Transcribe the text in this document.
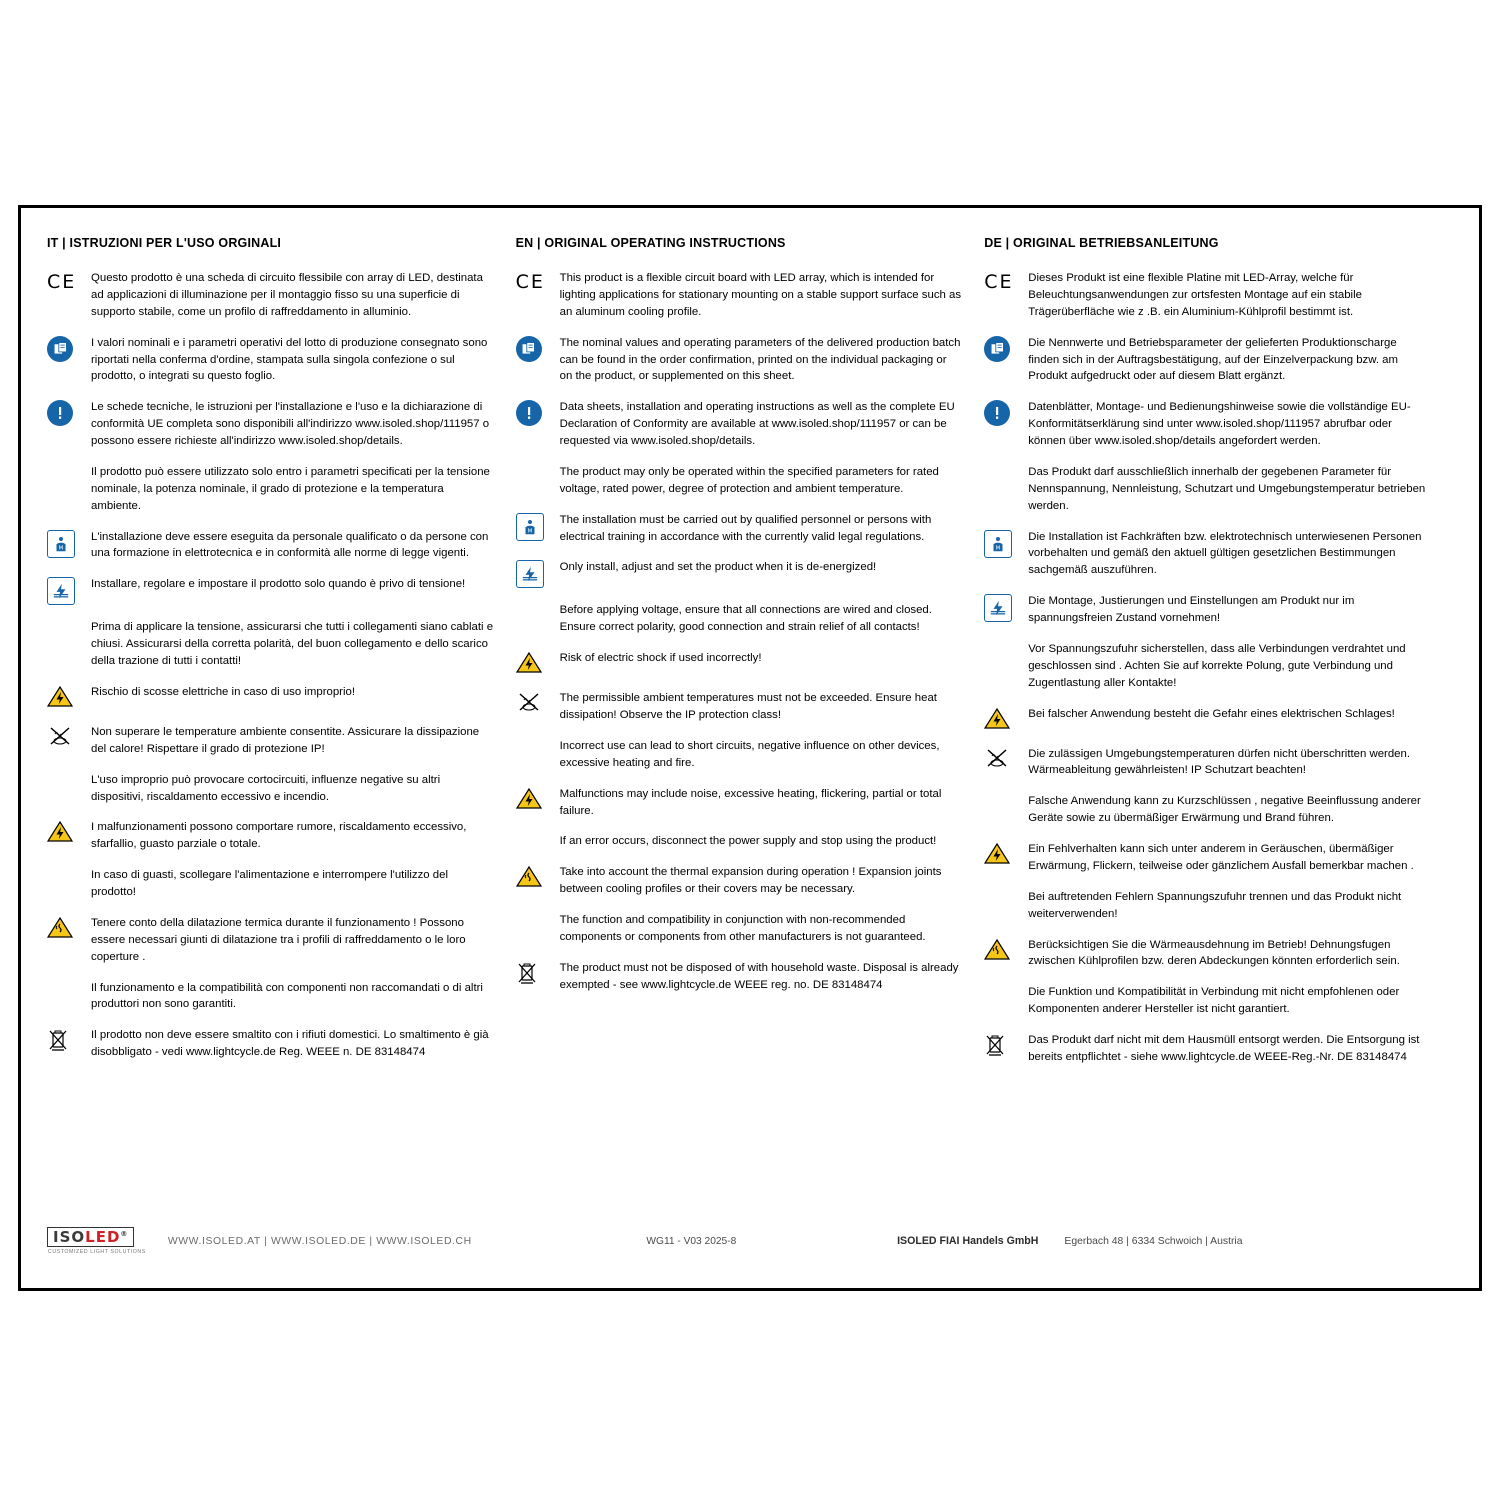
IT | ISTRUZIONI PER L'USO ORGINALI
CE Questo prodotto è una scheda di circuito flessibile con array di LED, destinata ad applicazioni di illuminazione per il montaggio fisso su una superficie di supporto stabile, come un profilo di raffreddamento in alluminio.
I valori nominali e i parametri operativi del lotto di produzione consegnato sono riportati nella conferma d'ordine, stampata sulla singola confezione o sul prodotto, o integrati su questo foglio.
Le schede tecniche, le istruzioni per l'installazione e l'uso e la dichiarazione di conformità UE completa sono disponibili all'indirizzo www.isoled.shop/111957 o possono essere richieste all'indirizzo www.isoled.shop/details.
Il prodotto può essere utilizzato solo entro i parametri specificati per la tensione nominale, la potenza nominale, il grado di protezione e la temperatura ambiente.
M
L'installazione deve essere eseguita da personale qualificato o da persone con una formazione in elettrotecnica e in conformità alle norme di legge vigenti.
Installare, regolare e impostare il prodotto solo quando è privo di tensione!
Prima di applicare la tensione, assicurarsi che tutti i collegamenti siano cablati e chiusi. Assicurarsi della corretta polarità, del buon collegamento e dello scarico della trazione di tutti i contatti!
Rischio di scosse elettriche in caso di uso improprio!
Non superare le temperature ambiente consentite. Assicurare la dissipazione del calore! Rispettare il grado di protezione IP!
L'uso improprio può provocare cortocircuiti, influenze negative su altri dispositivi, riscaldamento eccessivo e incendio.
I malfunzionamenti possono comportare rumore, riscaldamento eccessivo, sfarfallio, guasto parziale o totale.
In caso di guasti, scollegare l'alimentazione e interrompere l'utilizzo del prodotto!
Tenere conto della dilatazione termica durante il funzionamento ! Possono essere necessari giunti di dilatazione tra i profili di raffreddamento o le loro coperture .
Il funzionamento e la compatibilità con componenti non raccomandati o di altri produttori non sono garantiti.
Il prodotto non deve essere smaltito con i rifiuti domestici. Lo smaltimento è già disobbligato - vedi www.lightcycle.de Reg. WEEE n. DE 83148474
EN | ORIGINAL OPERATING INSTRUCTIONS
CE This product is a flexible circuit board with LED array, which is intended for lighting applications for stationary mounting on a stable support surface such as an aluminum cooling profile.
The nominal values and operating parameters of the delivered production batch can be found in the order confirmation, printed on the individual packaging or on the product, or supplemented on this sheet.
Data sheets, installation and operating instructions as well as the complete EU Declaration of Conformity are available at www.isoled.shop/111957 or can be requested via www.isoled.shop/details.
The product may only be operated within the specified parameters for rated voltage, rated power, degree of protection and ambient temperature.
M
The installation must be carried out by qualified personnel or persons with electrical training in accordance with the currently valid legal regulations.
Only install, adjust and set the product when it is de-energized!
Before applying voltage, ensure that all connections are wired and closed. Ensure correct polarity, good connection and strain relief of all contacts!
Risk of electric shock if used incorrectly!
The permissible ambient temperatures must not be exceeded. Ensure heat dissipation! Observe the IP protection class!
Incorrect use can lead to short circuits, negative influence on other devices, excessive heating and fire.
Malfunctions may include noise, excessive heating, flickering, partial or total failure.
If an error occurs, disconnect the power supply and stop using the product!
Take into account the thermal expansion during operation ! Expansion joints between cooling profiles or their covers may be necessary.
The function and compatibility in conjunction with non-recommended components or components from other manufacturers is not guaranteed.
The product must not be disposed of with household waste. Disposal is already exempted - see www.lightcycle.de WEEE reg. no. DE 83148474
DE | ORIGINAL BETRIEBSANLEITUNG
CE Dieses Produkt ist eine flexible Platine mit LED-Array, welche für Beleuchtungsanwendungen zur ortsfesten Montage auf ein stabile Trägerüberfläche wie z .B. ein Aluminium-Kühlprofil bestimmt ist.
Die Nennwerte und Betriebsparameter der gelieferten Produktionscharge finden sich in der Auftragsbestätigung, auf der Einzelverpackung bzw. am Produkt aufgedruckt oder auf diesem Blatt ergänzt.
Datenblätter, Montage- und Bedienungshinweise sowie die vollständige EU-Konformitätserklärung sind unter www.isoled.shop/111957 abrufbar oder können über www.isoled.shop/details angefordert werden.
Das Produkt darf ausschließlich innerhalb der gegebenen Parameter für Nennspannung, Nennleistung, Schutzart und Umgebungstemperatur betrieben werden.
M
Die Installation ist Fachkräften bzw. elektrotechnisch unterwiesenen Personen vorbehalten und gemäß den aktuell gültigen gesetzlichen Bestimmungen sachgemäß auszuführen.
Die Montage, Justierungen und Einstellungen am Produkt nur im spannungsfreien Zustand vornehmen!
Vor Spannungszufuhr sicherstellen, dass alle Verbindungen verdrahtet und geschlossen sind . Achten Sie auf korrekte Polung, gute Verbindung und Zugentlastung aller Kontakte!
Bei falscher Anwendung besteht die Gefahr eines elektrischen Schlages!
Die zulässigen Umgebungstemperaturen dürfen nicht überschritten werden. Wärmeableitung gewährleisten! IP Schutzart beachten!
Falsche Anwendung kann zu Kurzschlüssen , negative Beeinflussung anderer Geräte sowie zu übermäßiger Erwärmung und Brand führen.
Ein Fehlverhalten kann sich unter anderem in Geräuschen, übermäßiger Erwärmung, Flickern, teilweise oder gänzlichem Ausfall bemerkbar machen .
Bei auftretenden Fehlern Spannungszufuhr trennen und das Produkt nicht weiterverwenden!
Berücksichtigen Sie die Wärmeausdehnung im Betrieb! Dehnungsfugen zwischen Kühlprofilen bzw. deren Abdeckungen könnten erforderlich sein.
Die Funktion und Kompatibilität in Verbindung mit nicht empfohlenen oder Komponenten anderer Hersteller ist nicht garantiert.
Das Produkt darf nicht mit dem Hausmüll entsorgt werden. Die Entsorgung ist bereits entpflichtet - siehe www.lightcycle.de WEEE-Reg.-Nr. DE 83148474
ISOLED®
CUSTOMIZED LIGHT SOLUTIONS
WWW.ISOLED.AT | WWW.ISOLED.DE | WWW.ISOLED.CH	WG11 - V03 2025-8	ISOLED FIAI Handels GmbH	Egerbach 48 | 6334 Schwoich | Austria
